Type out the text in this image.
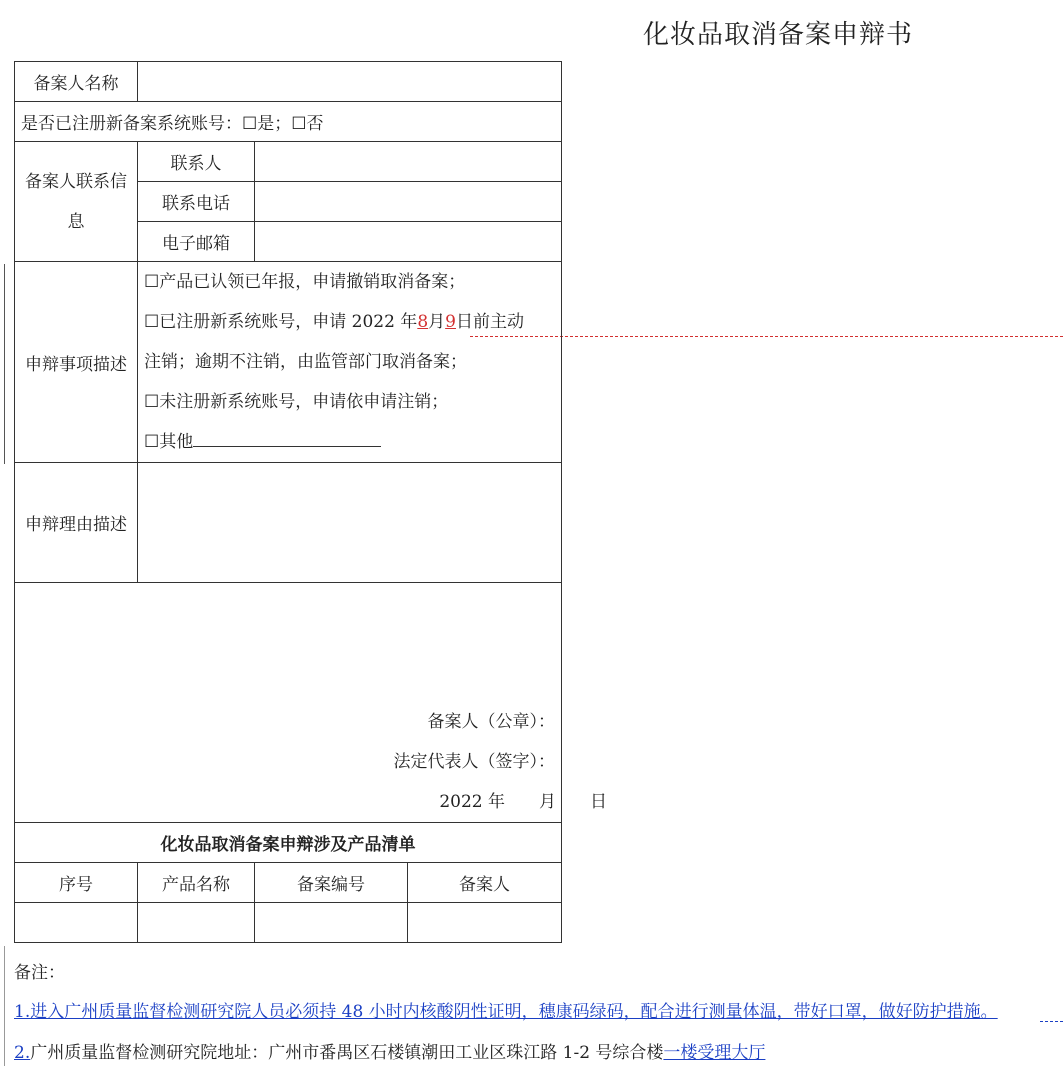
化妆品取消备案申辩书
备案人名称			
是否已注册新备案系统账号：☐是；☐否			
备案人联系信息	联系人		
	联系电话		
	电子邮箱		
申辩事项描述	☐产品已认领已年报，申请撤销取消备案；
☐已注册新系统账号，申请 2022 年8月9日前主动
注销；逾期不注销，由监管部门取消备案；
☐未注册新系统账号，申请依申请注销；
☐其他		

申辩理由描述			

备案人（公章）：
法定代表人（签字）：
2022 年　　月　　日			

化妆品取消备案申辩涉及产品清单			
序号	产品名称	备案编号	备案人

备注：
1.进入广州质量监督检测研究院人员必须持 48 小时内核酸阴性证明，穗康码绿码，配合进行测量体温，带好口罩，做好防护措施。
2.广州质量监督检测研究院地址：广州市番禺区石楼镇潮田工业区珠江路 1-2 号综合楼一楼受理大厅
